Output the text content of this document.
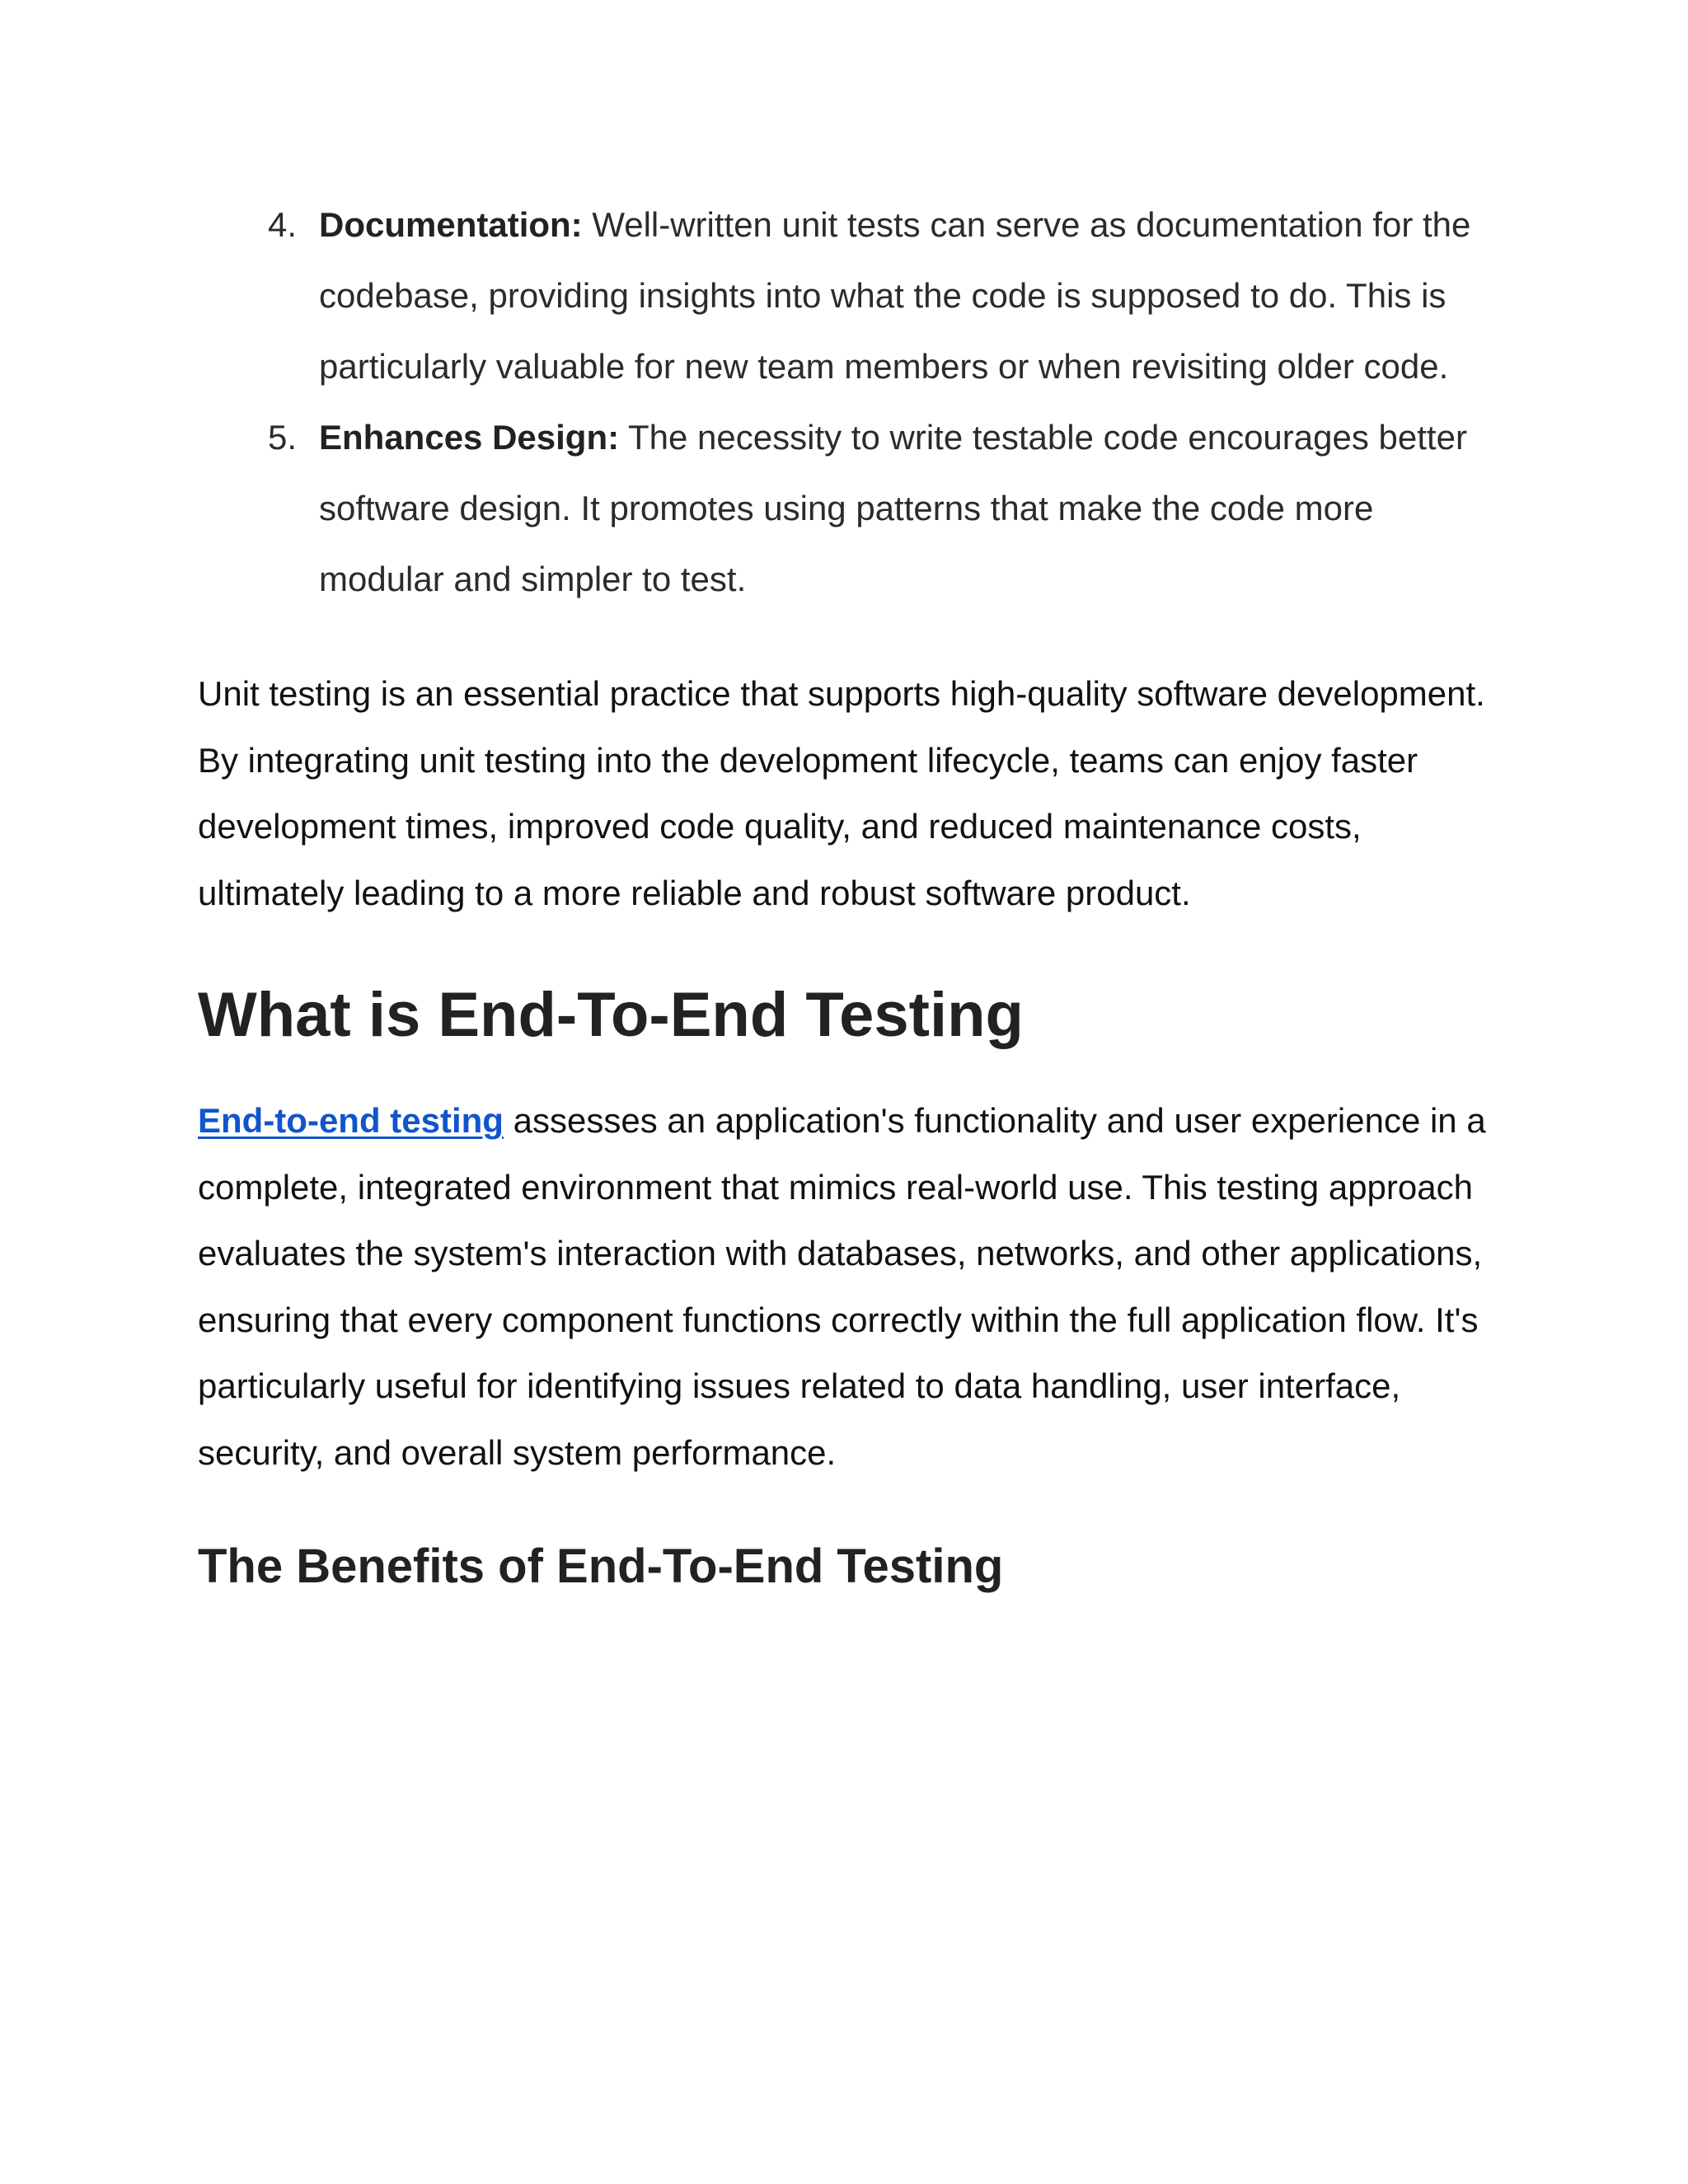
4. Documentation: Well-written unit tests can serve as documentation for the codebase, providing insights into what the code is supposed to do. This is particularly valuable for new team members or when revisiting older code.
5. Enhances Design: The necessity to write testable code encourages better software design. It promotes using patterns that make the code more modular and simpler to test.

Unit testing is an essential practice that supports high-quality software development. By integrating unit testing into the development lifecycle, teams can enjoy faster development times, improved code quality, and reduced maintenance costs, ultimately leading to a more reliable and robust software product.

What is End-To-End Testing

End-to-end testing assesses an application's functionality and user experience in a complete, integrated environment that mimics real-world use. This testing approach evaluates the system's interaction with databases, networks, and other applications, ensuring that every component functions correctly within the full application flow. It's particularly useful for identifying issues related to data handling, user interface, security, and overall system performance.

The Benefits of End-To-End Testing
